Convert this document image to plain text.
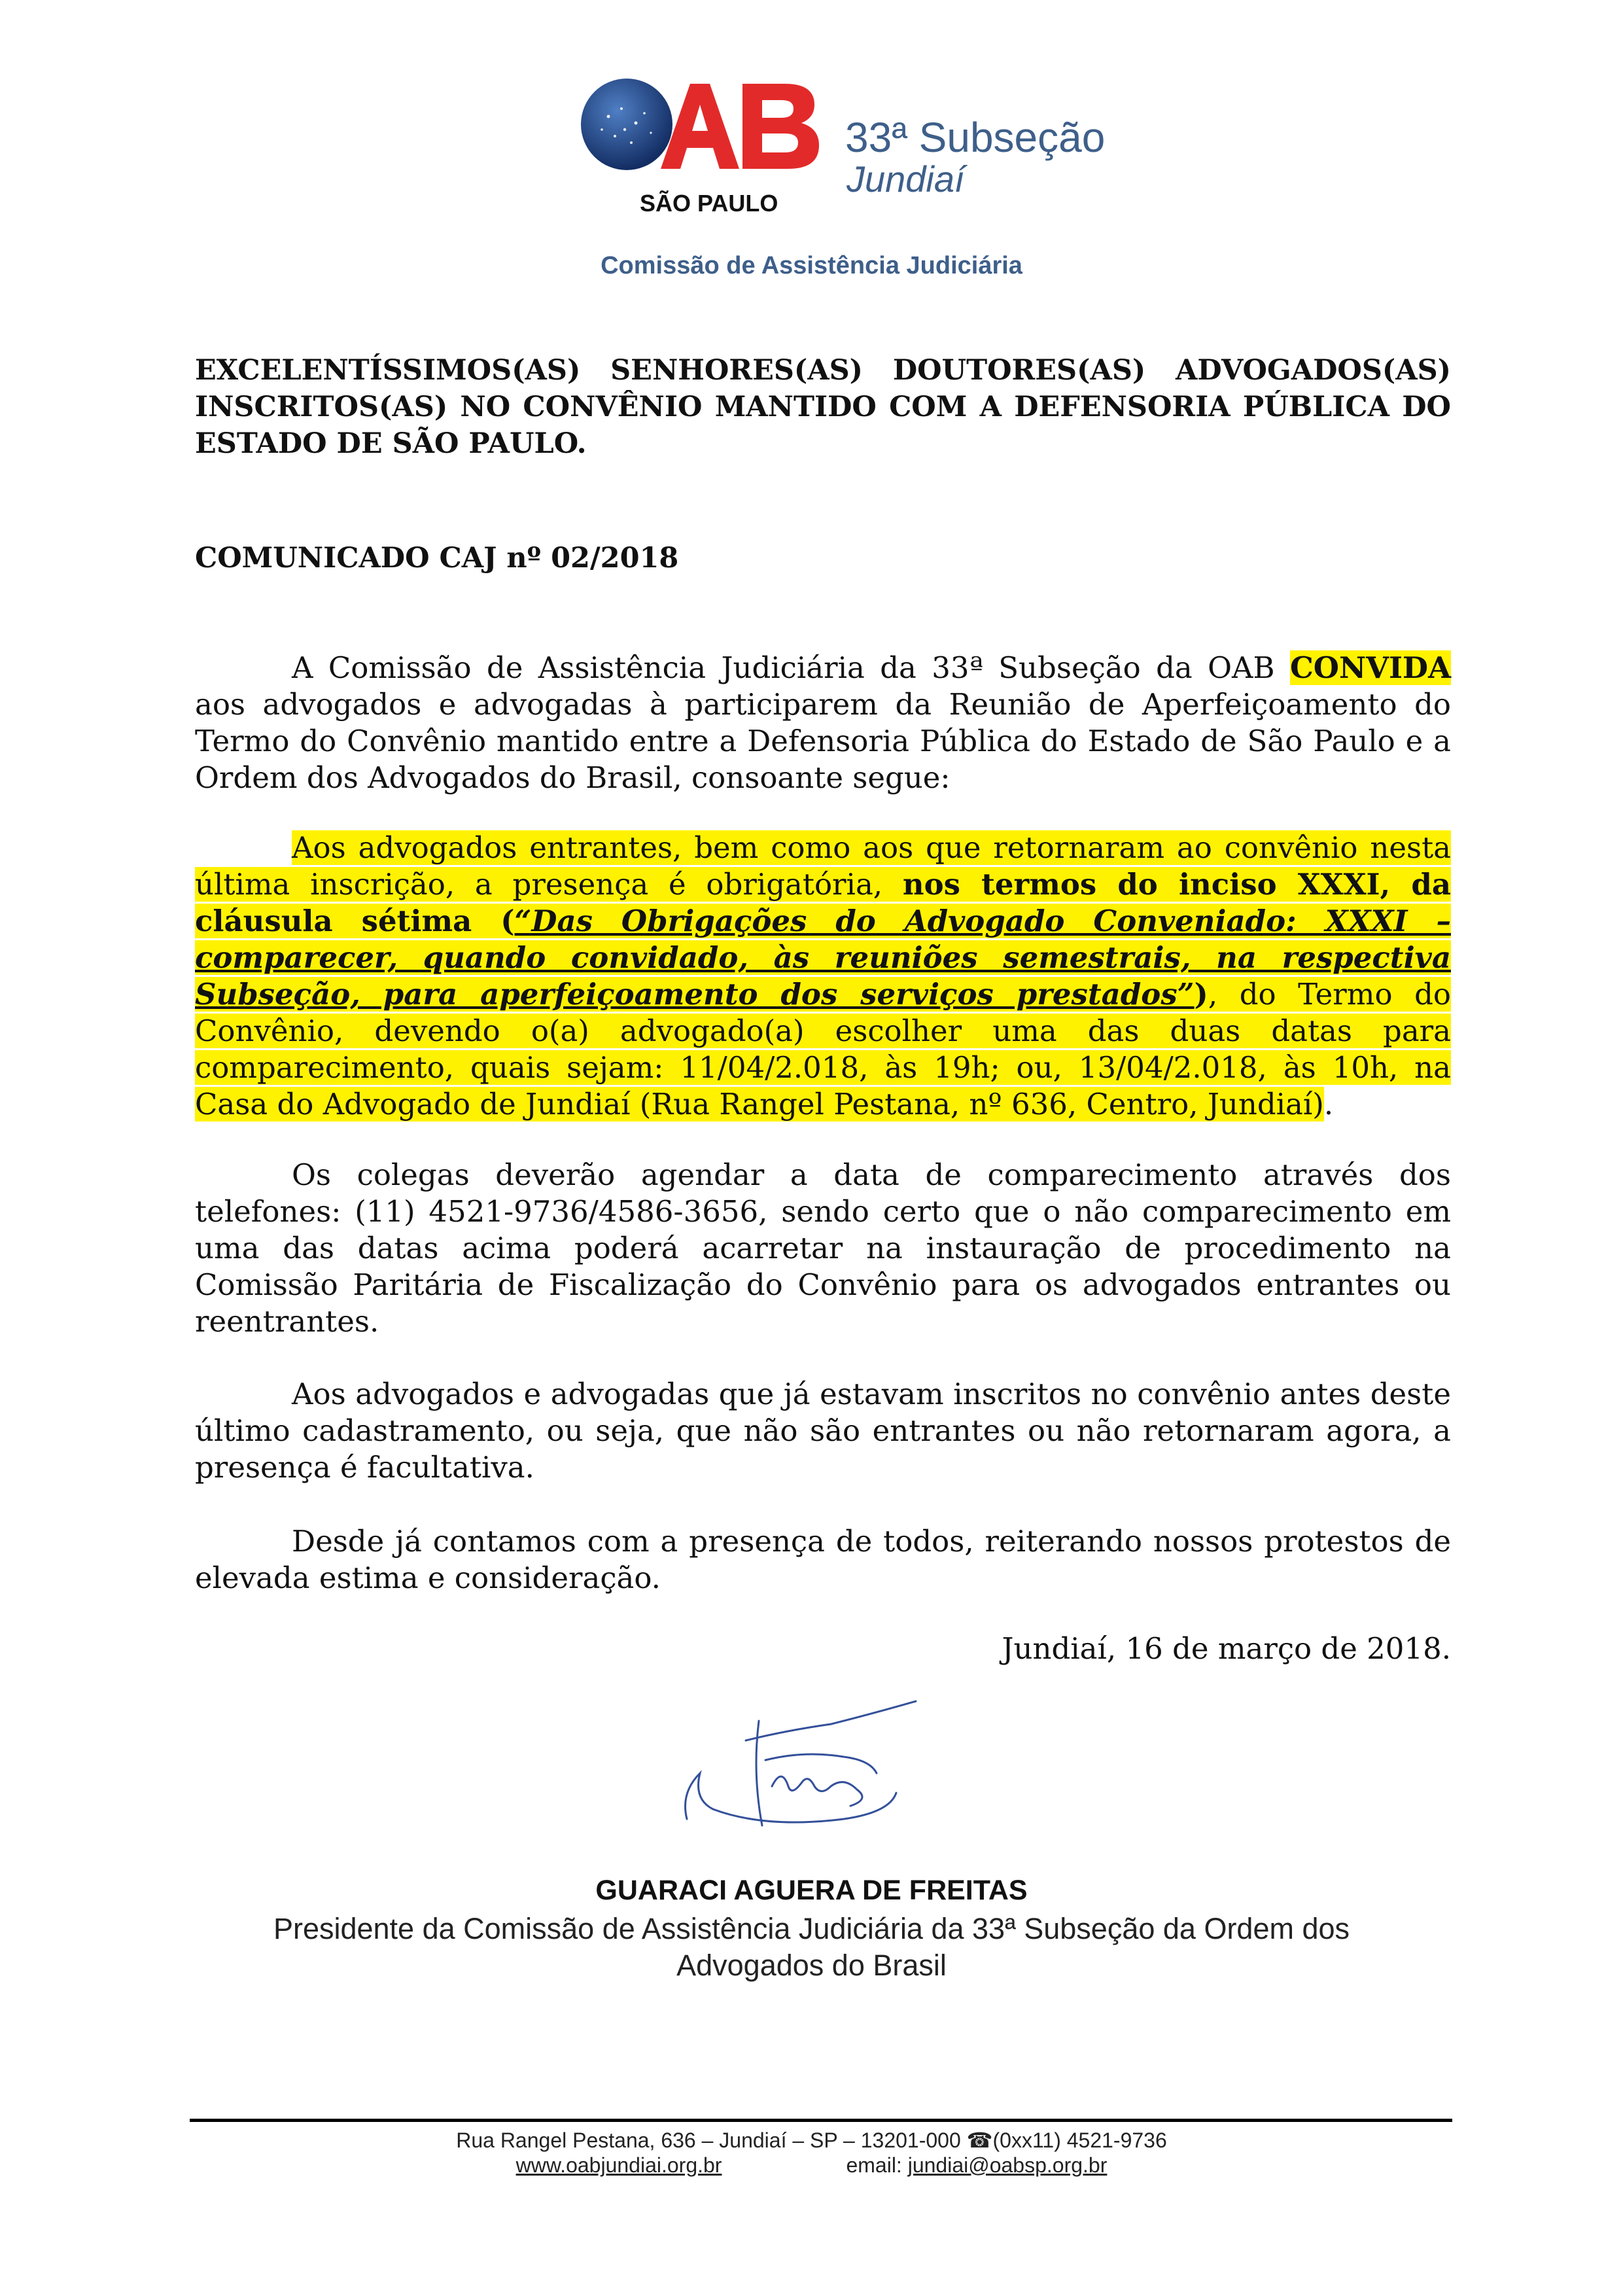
SÃO PAULO
33ª Subseção
Jundiaí
Comissão de Assistência Judiciária
EXCELENTÍSSIMOS(AS) SENHORES(AS) DOUTORES(AS) ADVOGADOS(AS) INSCRITOS(AS) NO CONVÊNIO MANTIDO COM A DEFENSORIA PÚBLICA DO ESTADO DE SÃO PAULO.
COMUNICADO CAJ nº 02/2018

A Comissão de Assistência Judiciária da 33ª Subseção da OAB CONVIDA aos advogados e advogadas à participarem da Reunião de Aperfeiçoamento do Termo do Convênio mantido entre a Defensoria Pública do Estado de São Paulo e a Ordem dos Advogados do Brasil, consoante segue:

Aos advogados entrantes, bem como aos que retornaram ao convênio nesta última inscrição, a presença é obrigatória, nos termos do inciso XXXI, da cláusula sétima (“Das Obrigações do Advogado Conveniado: XXXI – comparecer, quando convidado, às reuniões semestrais, na respectiva Subseção, para aperfeiçoamento dos serviços prestados”), do Termo do Convênio, devendo o(a) advogado(a) escolher uma das duas datas para comparecimento, quais sejam: 11/04/2.018, às 19h; ou, 13/04/2.018, às 10h, na Casa do Advogado de Jundiaí (Rua Rangel Pestana, nº 636, Centro, Jundiaí).

Os colegas deverão agendar a data de comparecimento através dos telefones: (11) 4521-9736/4586-3656, sendo certo que o não comparecimento em uma das datas acima poderá acarretar na instauração de procedimento na Comissão Paritária de Fiscalização do Convênio para os advogados entrantes ou reentrantes.

Aos advogados e advogadas que já estavam inscritos no convênio antes deste último cadastramento, ou seja, que não são entrantes ou não retornaram agora, a presença é facultativa.

Desde já contamos com a presença de todos, reiterando nossos protestos de elevada estima e consideração.

Jundiaí, 16 de março de 2018.
GUARACI AGUERA DE FREITAS
Presidente da Comissão de Assistência Judiciária da 33ª Subseção da Ordem dos
Advogados do Brasil
Rua Rangel Pestana, 636 – Jundiaí – SP – 13201-000 ☎(0xx11) 4521-9736
www.oabjundiai.org.br	email: jundiai@oabsp.org.br
